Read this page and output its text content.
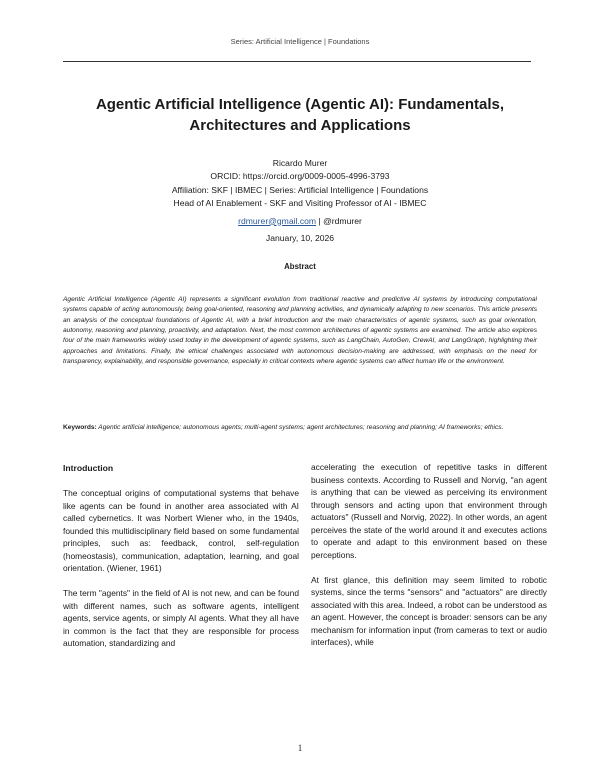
Series: Artificial Intelligence | Foundations
Agentic Artificial Intelligence (Agentic AI): Fundamentals, Architectures and Applications
Ricardo Murer
ORCID: https://orcid.org/0009-0005-4996-3793
Affiliation: SKF | IBMEC | Series: Artificial Intelligence | Foundations
Head of AI Enablement - SKF and Visiting Professor of AI - IBMEC
rdmurer@gmail.com | @rdmurer
January, 10, 2026
Abstract

Agentic Artificial Intelligence (Agentic AI) represents a significant evolution from traditional reactive and predictive AI systems by introducing computational systems capable of acting autonomously, being goal-oriented, reasoning and planning activities, and dynamically adapting to new scenarios. This article presents an analysis of the conceptual foundations of Agentic AI, with a brief introduction and the main characteristics of agentic systems, such as goal orientation, autonomy, reasoning and planning, proactivity, and adaptation. Next, the most common architectures of agentic systems are examined. The article also explores four of the main frameworks widely used today in the development of agentic systems, such as LangChain, AutoGen, CrewAI, and LangGraph, highlighting their approaches and limitations. Finally, the ethical challenges associated with autonomous decision-making are addressed, with emphasis on the need for transparency, explainability, and responsible governance, especially in critical contexts where agentic systems can affect human life or the environment.

Keywords: Agentic artificial intelligence; autonomous agents; multi-agent systems; agent architectures; reasoning and planning; AI frameworks; ethics.

Introduction

The conceptual origins of computational systems that behave like agents can be found in another area associated with AI called cybernetics. It was Norbert Wiener who, in the 1940s, founded this multidisciplinary field based on some fundamental principles, such as: feedback, control, self-regulation (homeostasis), communication, adaptation, learning, and goal orientation. (Wiener, 1961)

The term "agents" in the field of AI is not new, and can be found with different names, such as software agents, intelligent agents, service agents, or simply AI agents. What they all have in common is the fact that they are responsible for process automation, standardizing and

accelerating the execution of repetitive tasks in different business contexts. According to Russell and Norvig, "an agent is anything that can be viewed as perceiving its environment through sensors and acting upon that environment through actuators" (Russell and Norvig, 2022). In other words, an agent perceives the state of the world around it and executes actions to operate and adapt to this environment based on these perceptions.

At first glance, this definition may seem limited to robotic systems, since the terms "sensors" and "actuators" are directly associated with this area. Indeed, a robot can be understood as an agent. However, the concept is broader: sensors can be any mechanism for information input (from cameras to text or audio interfaces), while

1
